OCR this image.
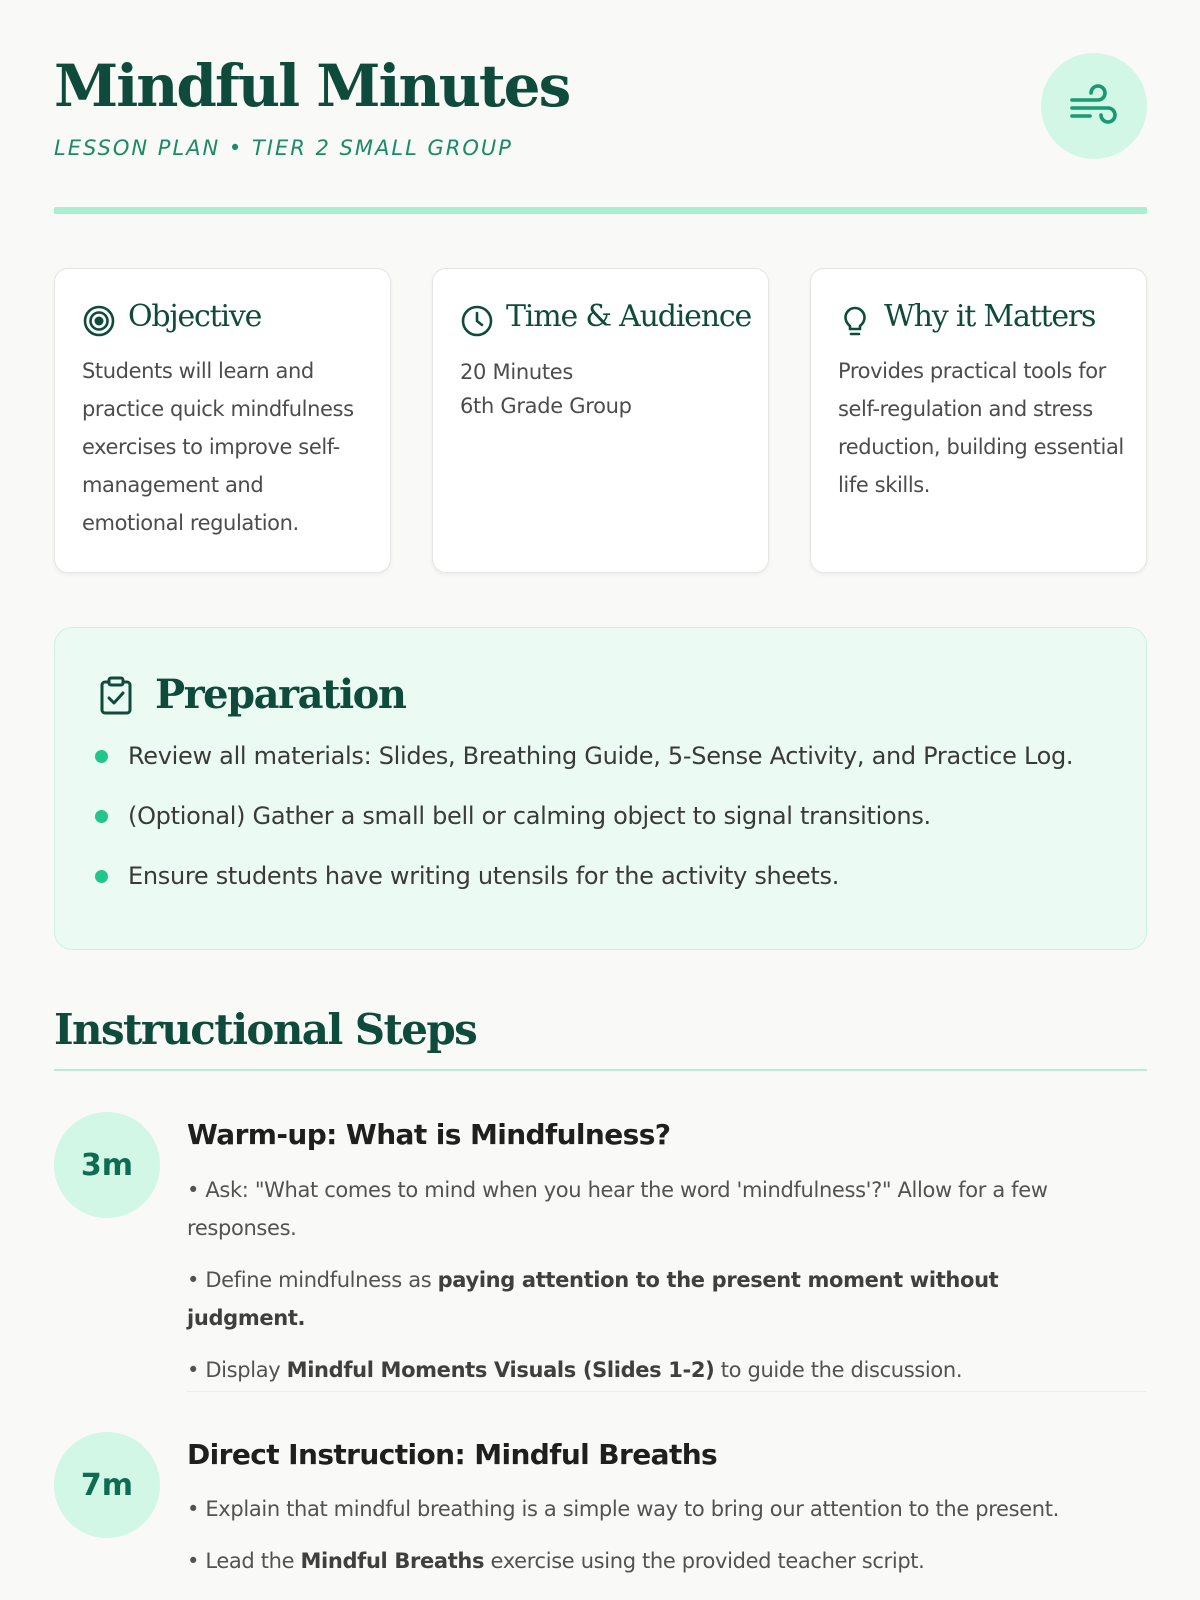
Mindful Minutes
LESSON PLAN • TIER 2 SMALL GROUP
Objective
Students will learn and practice quick mindfulness exercises to improve self-management and emotional regulation.
Time & Audience
20 Minutes
6th Grade Group
Why it Matters
Provides practical tools for self-regulation and stress reduction, building essential life skills.
Preparation
Review all materials: Slides, Breathing Guide, 5-Sense Activity, and Practice Log.
(Optional) Gather a small bell or calming object to signal transitions.
Ensure students have writing utensils for the activity sheets.
Instructional Steps
3m
Warm-up: What is Mindfulness?
• Ask: "What comes to mind when you hear the word 'mindfulness'?" Allow for a few responses.
• Define mindfulness as paying attention to the present moment without judgment.
• Display Mindful Moments Visuals (Slides 1-2) to guide the discussion.
7m
Direct Instruction: Mindful Breaths
• Explain that mindful breathing is a simple way to bring our attention to the present.
• Lead the Mindful Breaths exercise using the provided teacher script.
